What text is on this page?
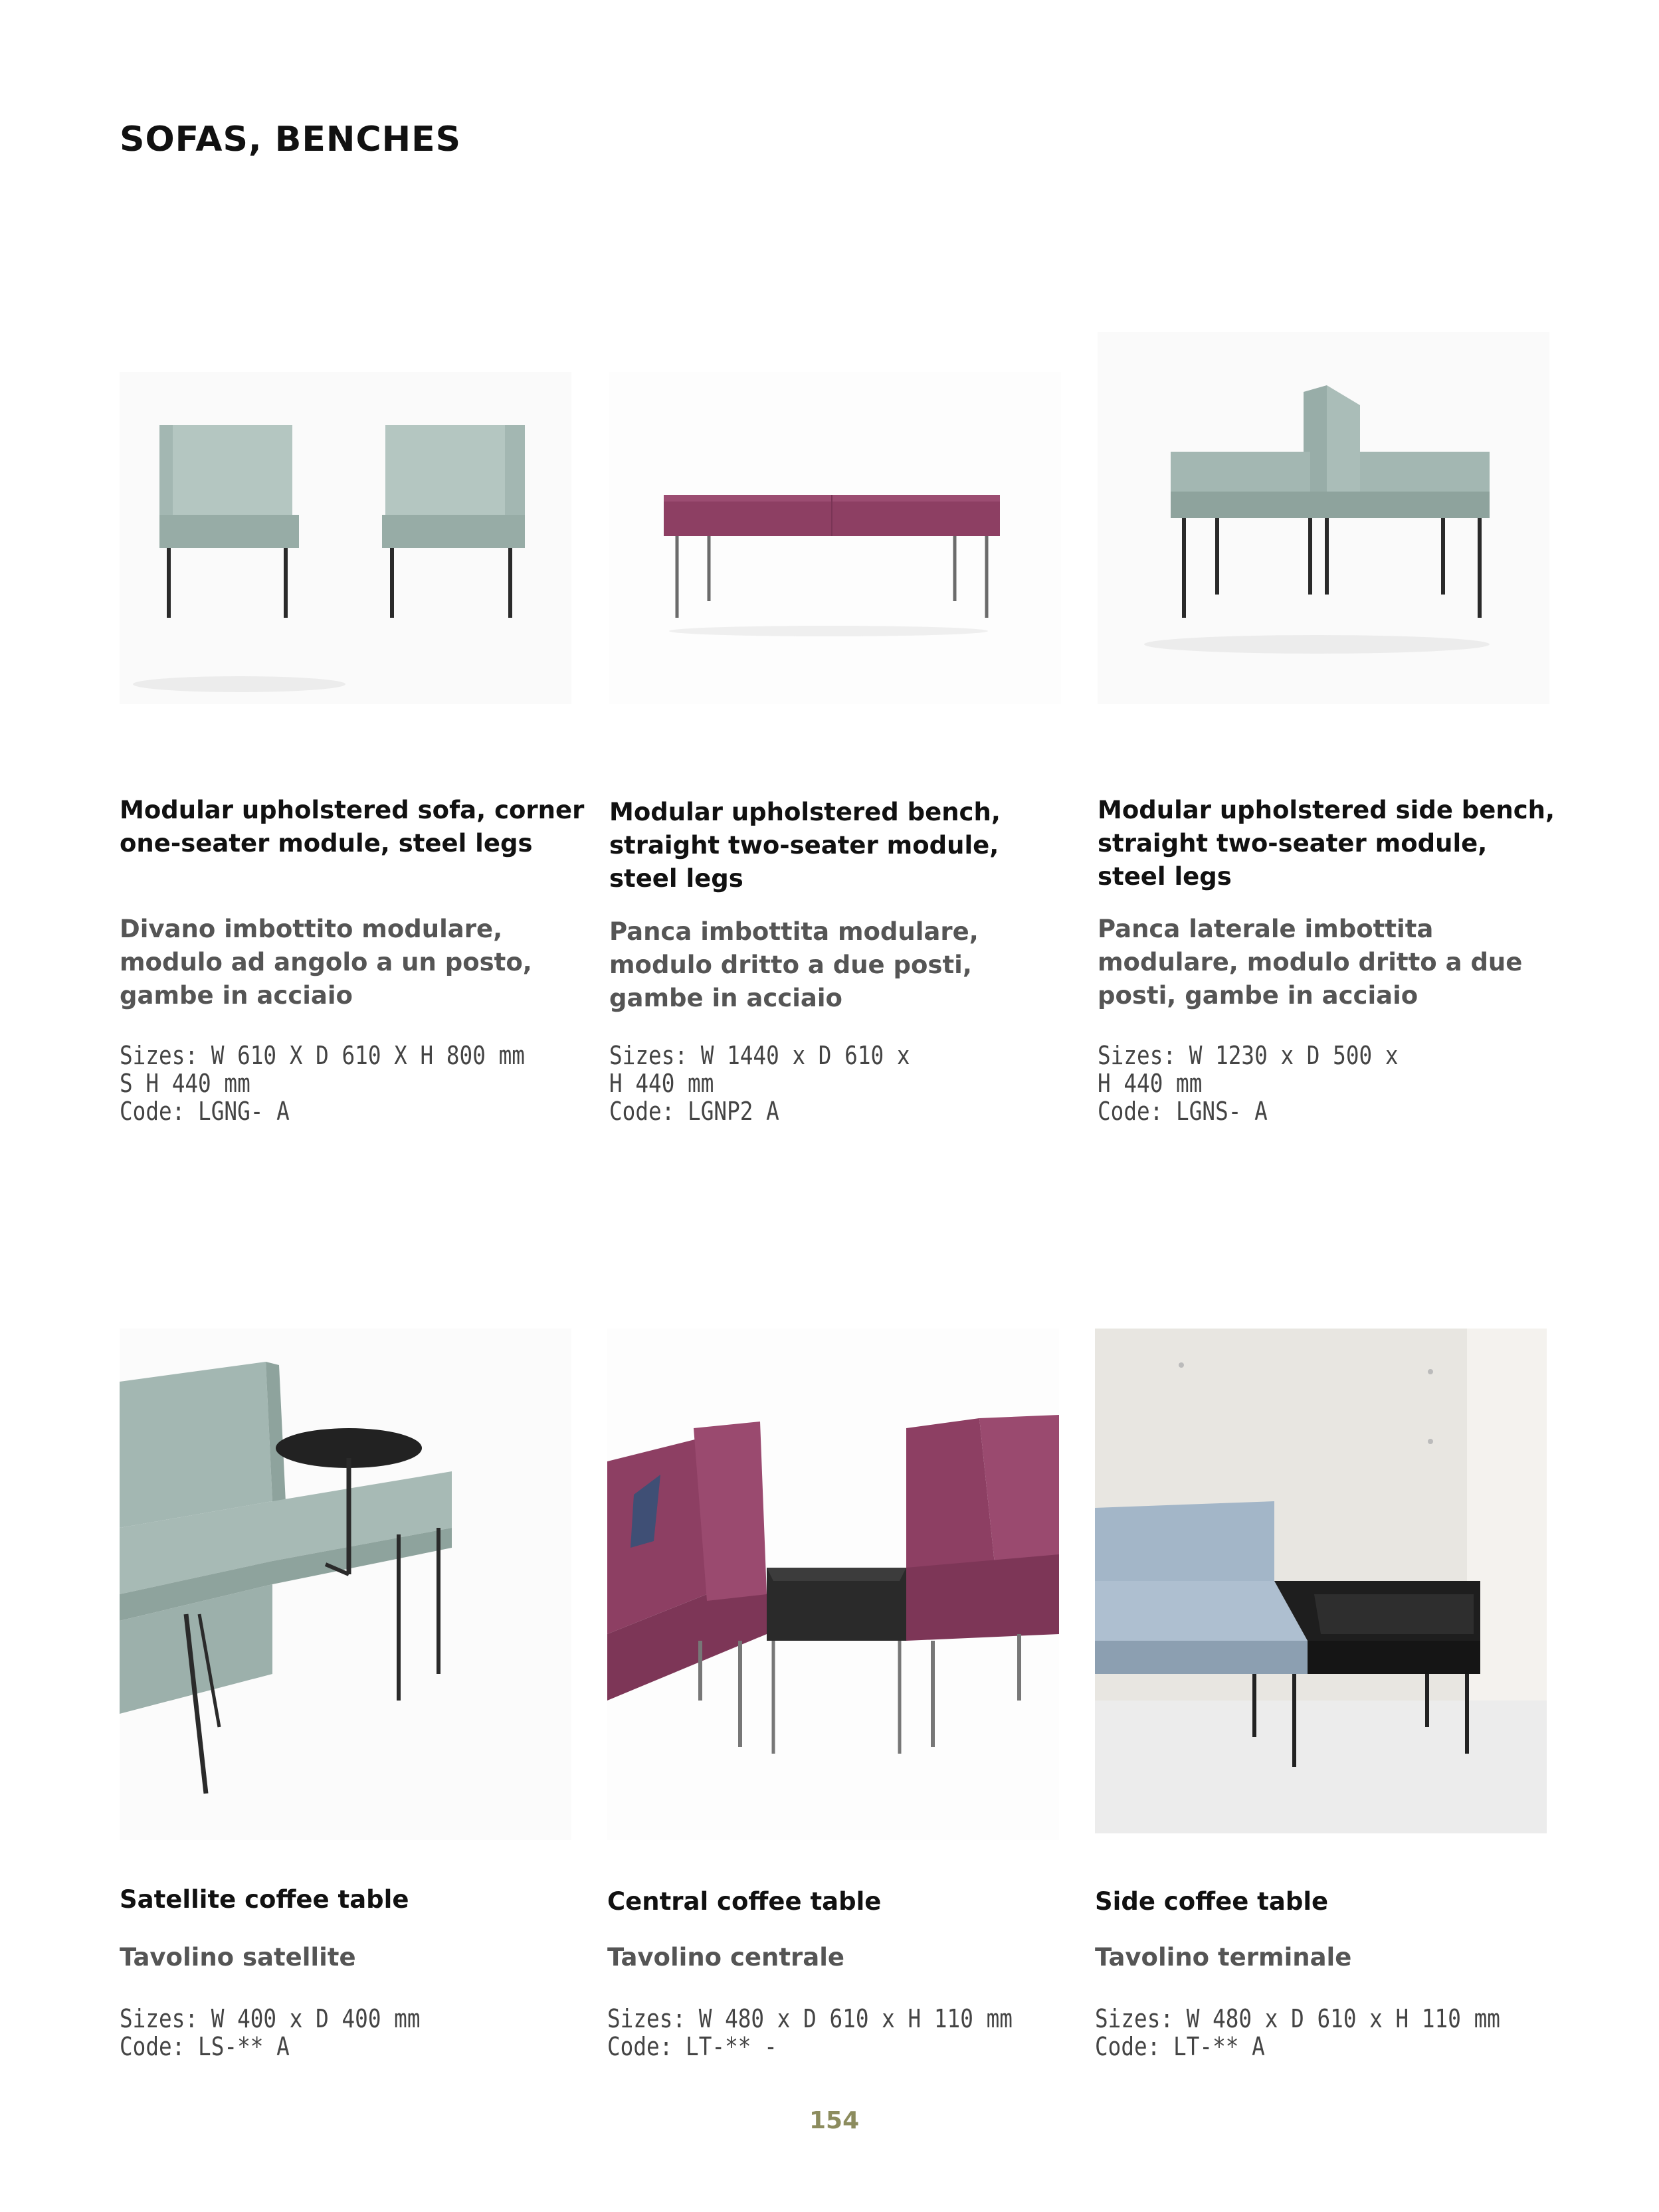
SOFAS, BENCHES
Modular upholstered sofa, corner one-seater module, steel legs
Divano imbottito modulare, modulo ad angolo a un posto, gambe in acciaio
Sizes: W 610 X D 610 X H 800 mm
S H 440 mm
Code: LGNG- A
Modular upholstered bench, straight two-seater module, steel legs
Panca imbottita modulare, modulo dritto a due posti, gambe in acciaio
Sizes: W 1440 x D 610 x
H 440 mm
Code: LGNP2 A
Modular upholstered side bench, straight two-seater module, steel legs
Panca laterale imbottita modulare, modulo dritto a due posti, gambe in acciaio
Sizes: W 1230 x D 500 x
H 440 mm
Code: LGNS- A
Satellite coffee table
Tavolino satellite
Sizes: W 400 x D 400 mm
Code: LS-** A
Central coffee table
Tavolino centrale
Sizes: W 480 x D 610 x H 110 mm
Code: LT-** -
Side coffee table
Tavolino terminale
Sizes: W 480 x D 610 x H 110 mm
Code: LT-** A
154
